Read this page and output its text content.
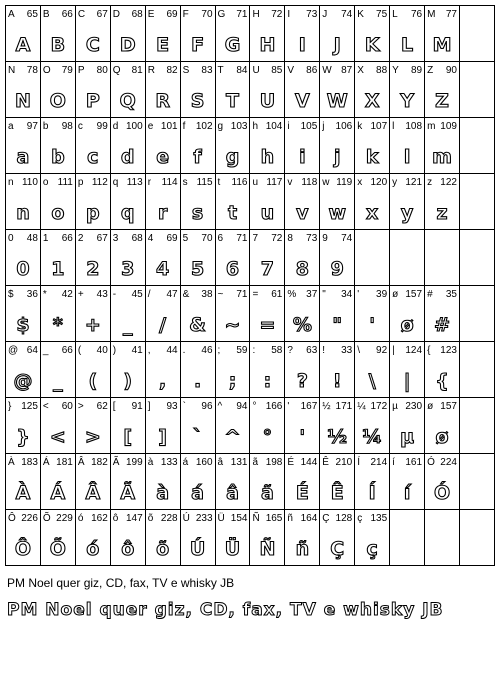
A 65
A
B 66
B
C 67
C
D 68
D
E 69
E
F 70
F
G 71
G
H 72
H
I 73
I
J 74
J
K 75
K
L 76
L
M 77
M
N 78
N
O 79
O
P 80
P
Q 81
Q
R 82
R
S 83
S
T 84
T
U 85
U
V 86
V
W 87
W
X 88
X
Y 89
Y
Z 90
Z
a 97
a
b 98
b
c 99
c
d 100
d
e 101
e
f 102
f
g 103
g
h 104
h
i 105
i
j 106
j
k 107
k
l 108
l
m 109
m
n 110
n
o 111
o
p 112
p
q 113
q
r 114
r
s 115
s
t 116
t
u 117
u
v 118
v
w 119
w
x 120
x
y 121
y
z 122
z
0 48
0
1 66
1
2 67
2
3 68
3
4 69
4
5 70
5
6 71
6
7 72
7
8 73
8
9 74
9
$ 36
$
* 42
*
+ 43
+
- 45
_
/ 47
/
& 38
&
~ 71
~
= 61
=
% 37
%
" 34
"
' 39
'
ø 157
ø
# 35
#
@ 64
@
_ 66
_
( 40
(
) 41
)
, 44
,
. 46
.
; 59
;
: 58
:
? 63
?
! 33
!
\ 92
\
| 124
|
{ 123
{
} 125
}
< 60
<
> 62
>
[ 91
[
] 93
]
` 96
`
^ 94
^
° 166
°
' 167
'
½ 171
½
¼ 172
¼
µ 230
µ
ø 157
ø
À 183
À
Á 181
Á
Â 182
Â
Ã 199
Ã
à 133
à
á 160
á
â 131
â
ã 198
ã
É 144
É
Ê 210
Ê
Í 214
Í
í 161
í
Ó 224
Ó
Ô 226
Ô
Õ 229
Õ
ó 162
ó
ô 147
ô
õ 228
õ
Ú 233
Ú
Ü 154
Ü
Ñ 165
Ñ
ñ 164
ñ
Ç 128
Ç
ç 135
ç
PM Noel quer giz, CD, fax, TV e whisky JB
PM Noel quer giz, CD, fax, TV e whisky JB
